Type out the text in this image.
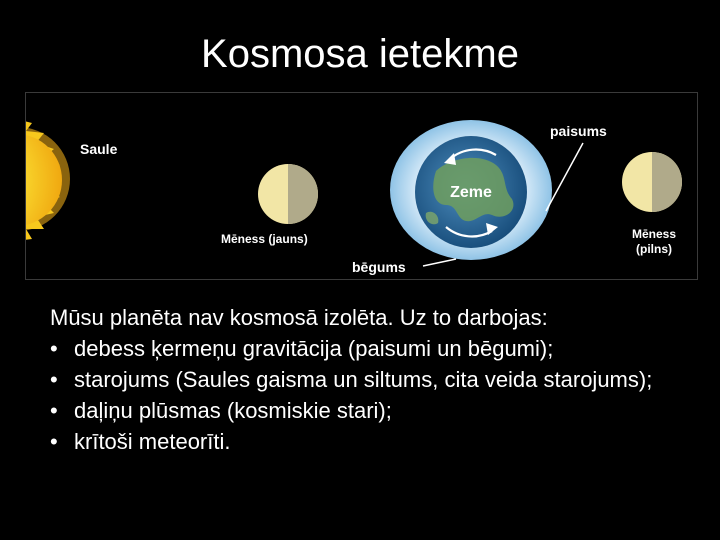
Kosmosa ietekme
Saule
Mēness (jauns)
Zeme
paisums
bēgums
Mēness
(pilns)

Mūsu planēta nav kosmosā izolēta. Uz to darbojas:

• debess ķermeņu gravitācija (paisumi un bēgumi);
• starojums (Saules gaisma un siltums, cita veida starojums);
• daļiņu plūsmas (kosmiskie stari);
• krītoši meteorīti.
